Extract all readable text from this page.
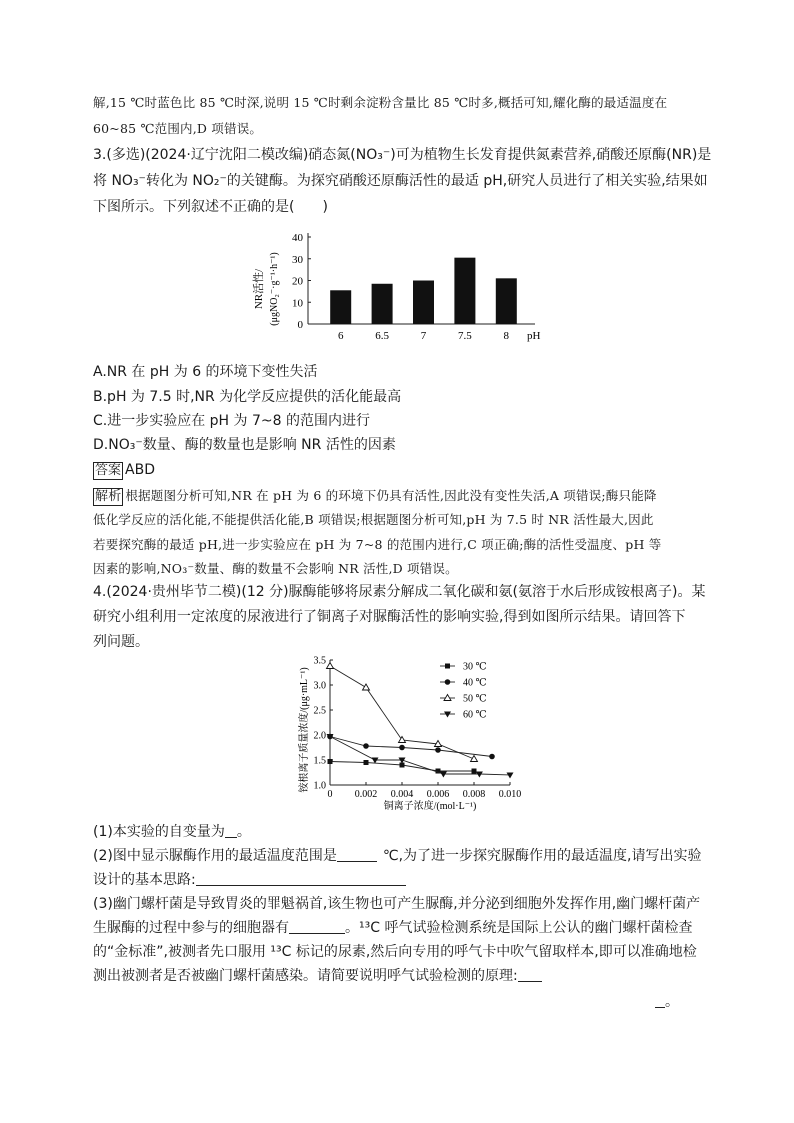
解,15 ℃时蓝色比 85 ℃时深,说明 15 ℃时剩余淀粉含量比 85 ℃时多,概括可知,耀化酶的最适温度在
60~85 ℃范围内,D 项错误。
3.(多选)(2024·辽宁沈阳二模改编)硝态氮(NO₃⁻)可为植物生长发育提供氮素营养,硝酸还原酶(NR)是
将 NO₃⁻转化为 NO₂⁻的关键酶。为探究硝酸还原酶活性的最适 pH,研究人员进行了相关实验,结果如
下图所示。下列叙述不正确的是(　　)
NR活性/ (μgNO₂⁻·g⁻¹·h⁻¹) 0
10
20
30
40
6	6.5	7	7.5	8 pH
A.NR 在 pH 为 6 的环境下变性失活
B.pH 为 7.5 时,NR 为化学反应提供的活化能最高
C.进一步实验应在 pH 为 7~8 的范围内进行
D.NO₃⁻数量、酶的数量也是影响 NR 活性的因素
答案 ABD
解析 根据题图分析可知,NR 在 pH 为 6 的环境下仍具有活性,因此没有变性失活,A 项错误;酶只能降
低化学反应的活化能,不能提供活化能,B 项错误;根据题图分析可知,pH 为 7.5 时 NR 活性最大,因此
若要探究酶的最适 pH,进一步实验应在 pH 为 7~8 的范围内进行,C 项正确;酶的活性受温度、pH 等
因素的影响,NO₃⁻数量、酶的数量不会影响 NR 活性,D 项错误。
4.(2024·贵州毕节二模)(12 分)脲酶能够将尿素分解成二氧化碳和氨(氨溶于水后形成铵根离子)。某
研究小组利用一定浓度的尿液进行了铜离子对脲酶活性的影响实验,得到如图所示结果。请回答下
列问题。
铵根离子质量浓度/(μg·mL⁻¹) 1.0
1.5
2.0
2.5
3.0
3.5
0 0.002 0.004 0.006 0.008 0.010
30 ℃
40 ℃
50 ℃
60 ℃
铜离子浓度/(mol·L⁻¹)
(1)本实验的自变量为 。
(2)图中显示脲酶作用的最适温度范围是	℃,为了进一步探究脲酶作用的最适温度,请写出实验
设计的基本思路:
(3)幽门螺杆菌是导致胃炎的罪魁祸首,该生物也可产生脲酶,并分泌到细胞外发挥作用,幽门螺杆菌产
生脲酶的过程中参与的细胞器有	。¹³C 呼气试验检测系统是国际上公认的幽门螺杆菌检查
的“金标准”,被测者先口服用 ¹³C 标记的尿素,然后向专用的呼气卡中吹气留取样本,即可以准确地检
测出被测者是否被幽门螺杆菌感染。请简要说明呼气试验检测的原理:
。
